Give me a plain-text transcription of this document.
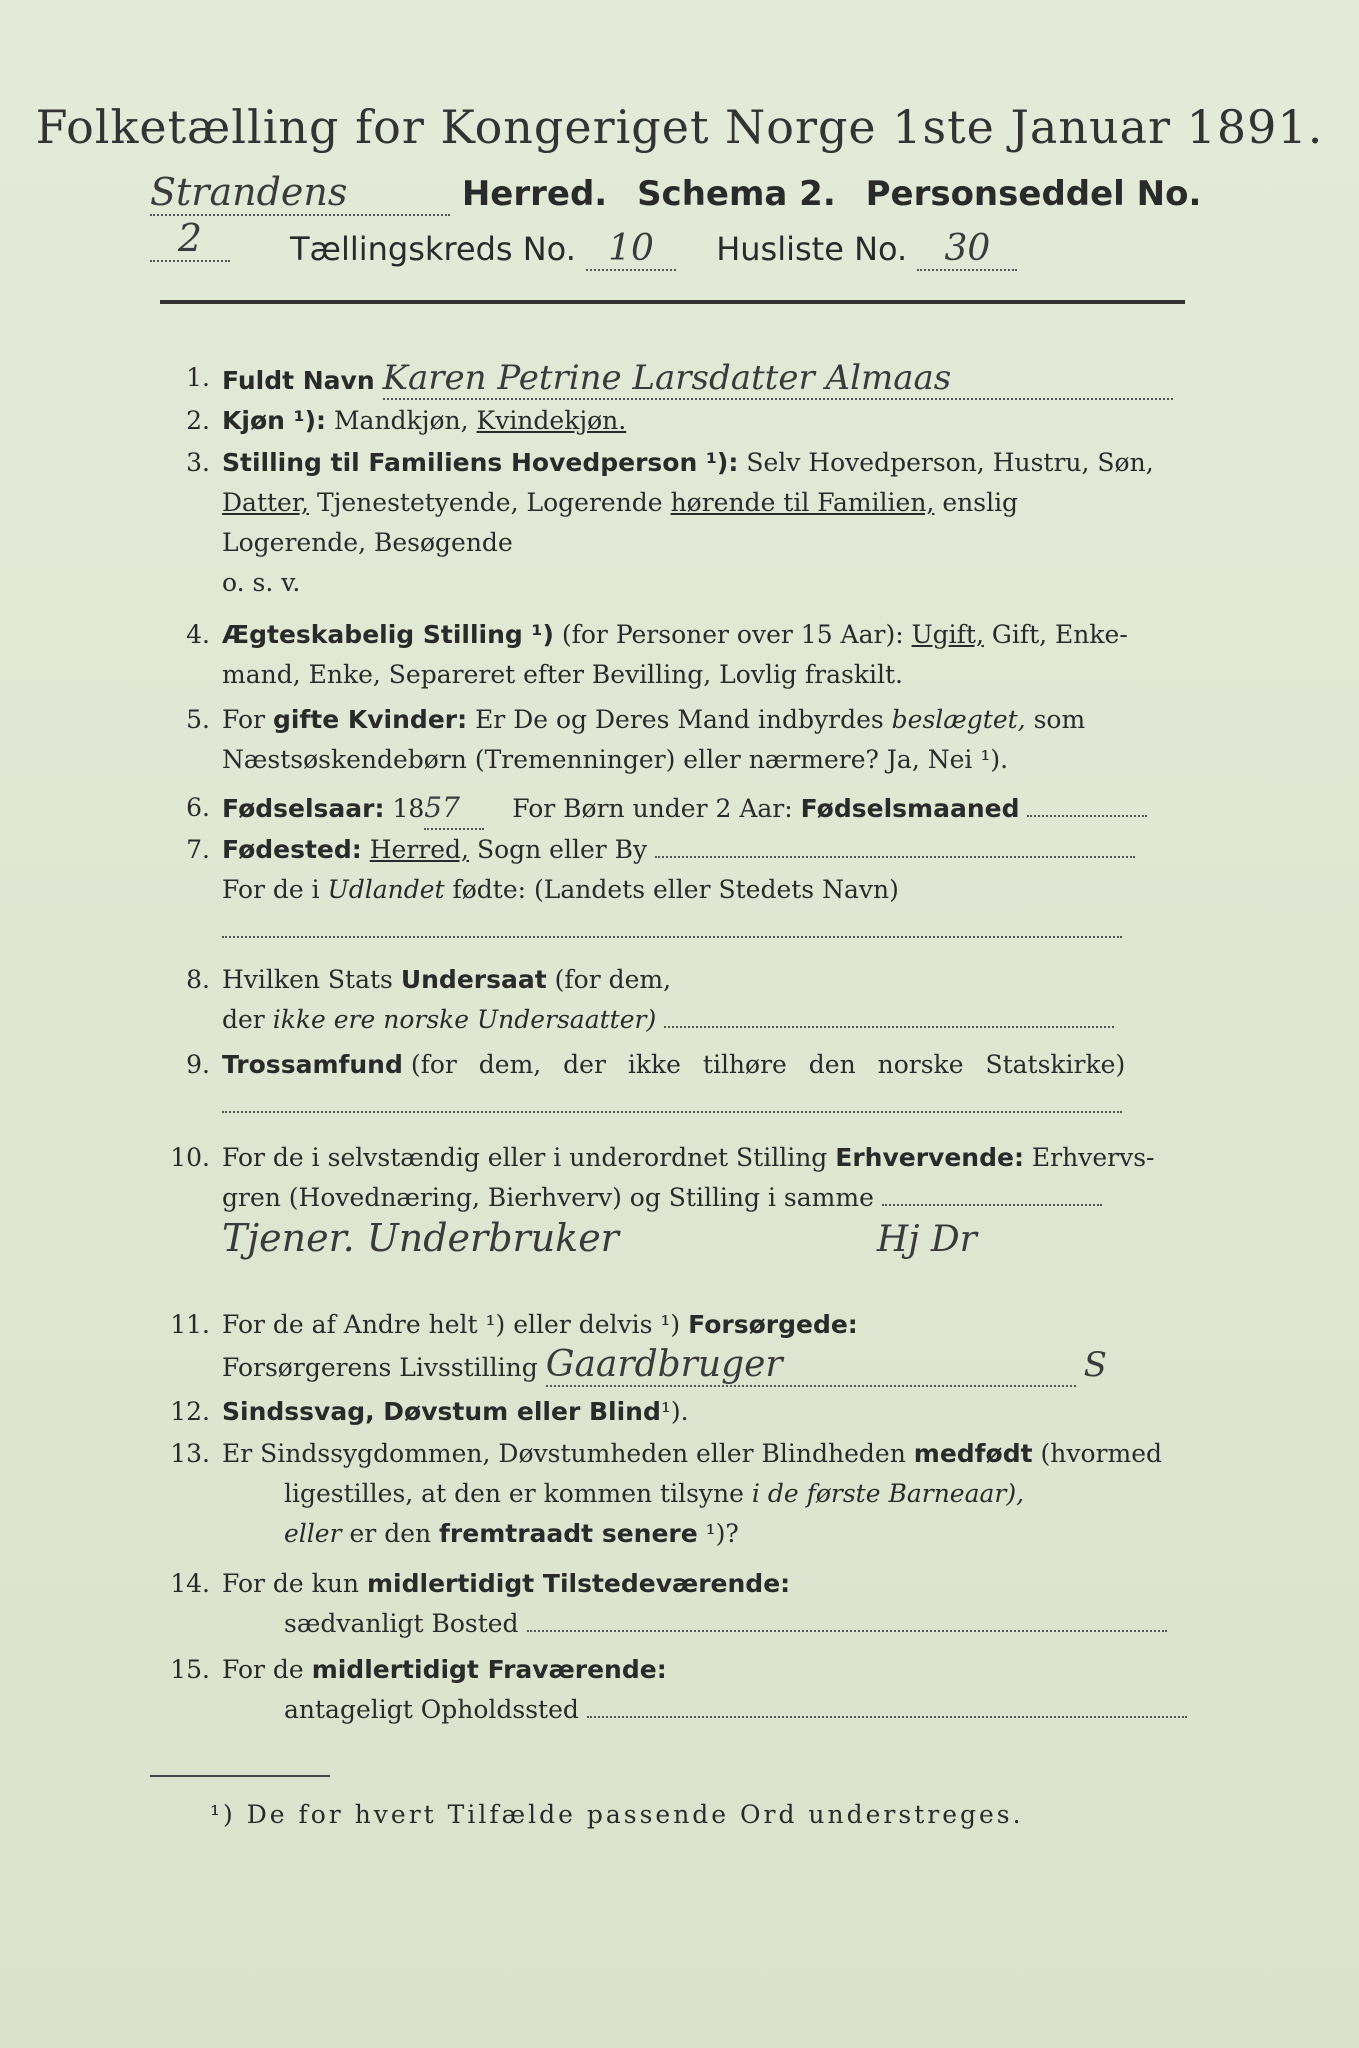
Folketælling for Kongeriget Norge 1ste Januar 1891.
Strandens	Herred. Schema 2. Personseddel No. 2	Tællingskreds No. 10 Husliste No. 30
1. Fuldt Navn Karen Petrine Larsdatter Almaas
2. Kjøn ¹): Mandkjøn, Kvindekjøn.
3. Stilling til Familiens Hovedperson ¹): Selv Hovedperson, Hustru, Søn,
Datter, Tjenestetyende, Logerende hørende til Familien, enslig
Logerende, Besøgende
o. s. v.
4. Ægteskabelig Stilling ¹) (for Personer over 15 Aar): Ugift, Gift, Enke-
mand, Enke, Separeret efter Bevilling, Lovlig fraskilt.
5. For gifte Kvinder: Er De og Deres Mand indbyrdes beslægtet, som
Næstsøskendebørn (Tremenninger) eller nærmere? Ja, Nei ¹).
6. Fødselsaar: 1857 For Børn under 2 Aar: Fødselsmaaned
7. Fødested: Herred, Sogn eller By
For de i Udlandet fødte: (Landets eller Stedets Navn)

8. Hvilken Stats Undersaat (for dem,
der ikke ere norske Undersaatter)
9. Trossamfund (for dem, der ikke tilhøre den norske Statskirke)

10. For de i selvstændig eller i underordnet Stilling Erhvervende: Erhvervs-
gren (Hovednæring, Bierhverv) og Stilling i samme
Tjener. Underbruker	Hj Dr
11. For de af Andre helt ¹) eller delvis ¹) Forsørgede:
Forsørgerens Livsstilling Gaardbruger	S
12. Sindssvag, Døvstum eller Blind¹).
13. Er Sindssygdommen, Døvstumheden eller Blindheden medfødt (hvormed
ligestilles, at den er kommen tilsyne i de første Barneaar),
eller er den fremtraadt senere ¹)?
14. For de kun midlertidigt Tilstedeværende:
sædvanligt Bosted
15. For de midlertidigt Fraværende:
antageligt Opholdssted
¹) De for hvert Tilfælde passende Ord understreges.
